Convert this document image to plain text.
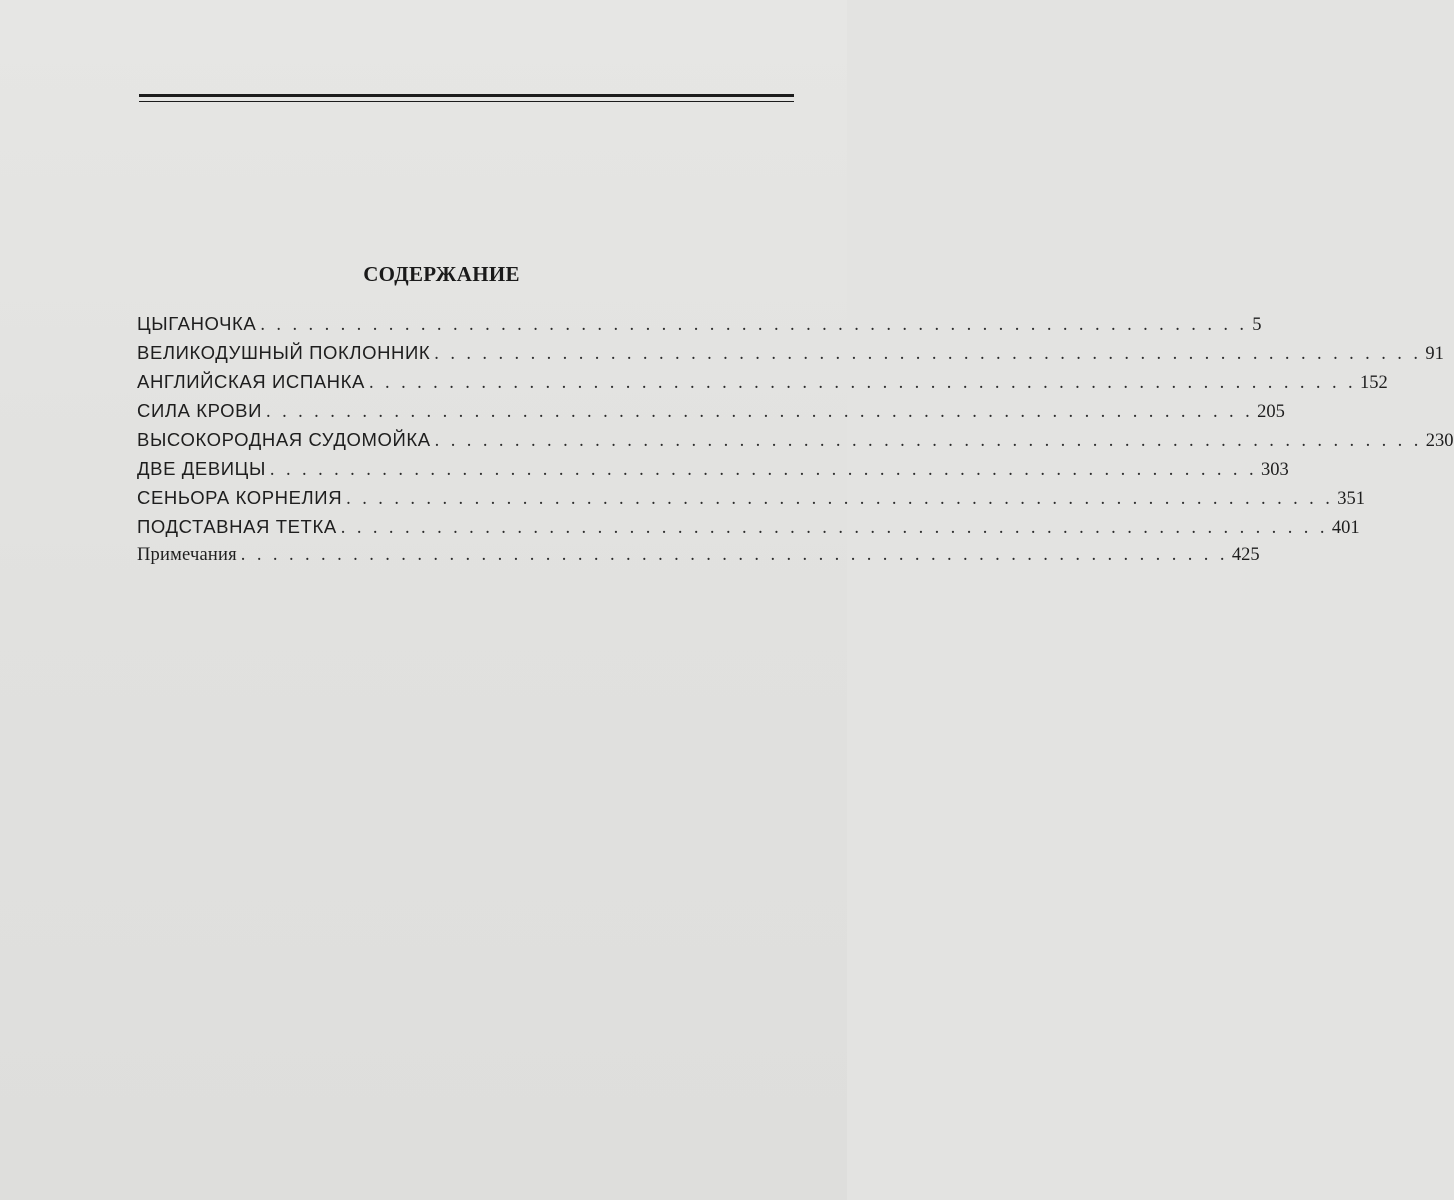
СОДЕРЖАНИЕ
ЦЫГАНОЧКА . . . . . . . . . . . . . . . . . . . . . . . . . . . . . . . . . . . . . . . . . . . . . . . . . . . . . . . . . . . . . . 5
ВЕЛИКОДУШНЫЙ ПОКЛОННИК . . . . . . . . . . . . . . . . . . . . . . . . . . . . . . . . . . . . . . . . . . . . . . . . . . . . . . . . . . . . . . 91
АНГЛИЙСКАЯ ИСПАНКА . . . . . . . . . . . . . . . . . . . . . . . . . . . . . . . . . . . . . . . . . . . . . . . . . . . . . . . . . . . . . . 152
СИЛА КРОВИ . . . . . . . . . . . . . . . . . . . . . . . . . . . . . . . . . . . . . . . . . . . . . . . . . . . . . . . . . . . . . . 205
ВЫСОКОРОДНАЯ СУДОМОЙКА . . . . . . . . . . . . . . . . . . . . . . . . . . . . . . . . . . . . . . . . . . . . . . . . . . . . . . . . . . . . . . 230
ДВЕ ДЕВИЦЫ . . . . . . . . . . . . . . . . . . . . . . . . . . . . . . . . . . . . . . . . . . . . . . . . . . . . . . . . . . . . . . 303
СЕНЬОРА КОРНЕЛИЯ . . . . . . . . . . . . . . . . . . . . . . . . . . . . . . . . . . . . . . . . . . . . . . . . . . . . . . . . . . . . . . 351
ПОДСТАВНАЯ ТЕТКА . . . . . . . . . . . . . . . . . . . . . . . . . . . . . . . . . . . . . . . . . . . . . . . . . . . . . . . . . . . . . . 401
Примечания . . . . . . . . . . . . . . . . . . . . . . . . . . . . . . . . . . . . . . . . . . . . . . . . . . . . . . . . . . . . . . 425
